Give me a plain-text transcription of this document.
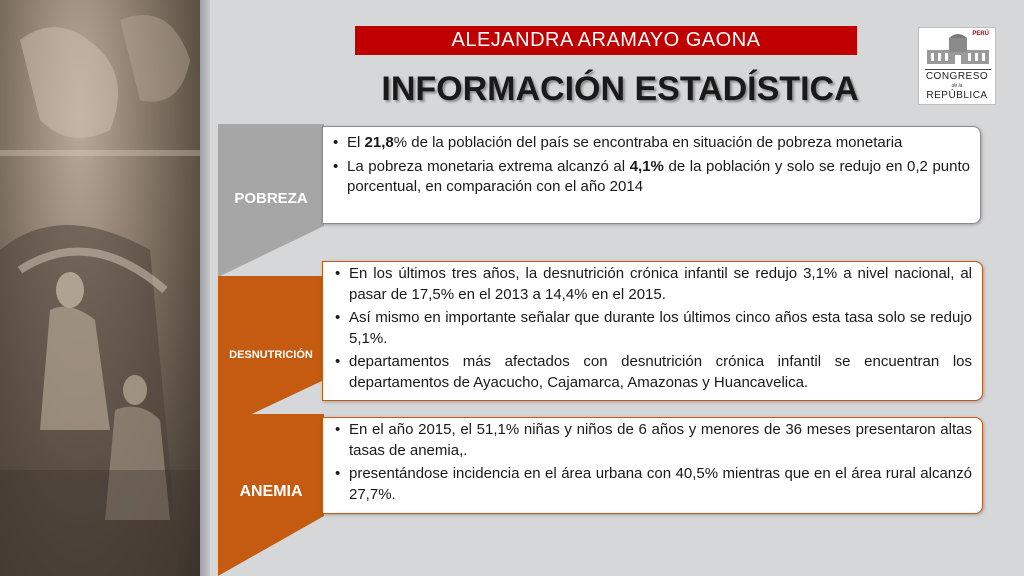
ALEJANDRA ARAMAYO GAONA
INFORMACIÓN ESTADÍSTICA
PERÚ
CONGRESO
de la
REPÚBLICA
POBREZA
• El 21,8% de la población del país se encontraba en situación de pobreza monetaria
• La pobreza monetaria extrema alcanzó al 4,1% de la población y solo se redujo en 0,2 punto porcentual, en comparación con el año 2014
DESNUTRICIÓN
• En los últimos tres años, la desnutrición crónica infantil se redujo 3,1% a nivel nacional, al pasar de 17,5% en el 2013 a 14,4% en el 2015.
• Así mismo en importante señalar que durante los últimos cinco años esta tasa solo se redujo 5,1%.
• departamentos más afectados con desnutrición crónica infantil se encuentran los departamentos de Ayacucho, Cajamarca, Amazonas y Huancavelica.
ANEMIA
• En el año 2015, el 51,1% niñas y niños de 6 años y menores de 36 meses presentaron altas tasas de anemia,.
• presentándose incidencia en el área urbana con 40,5% mientras que en el área rural alcanzó 27,7%.
